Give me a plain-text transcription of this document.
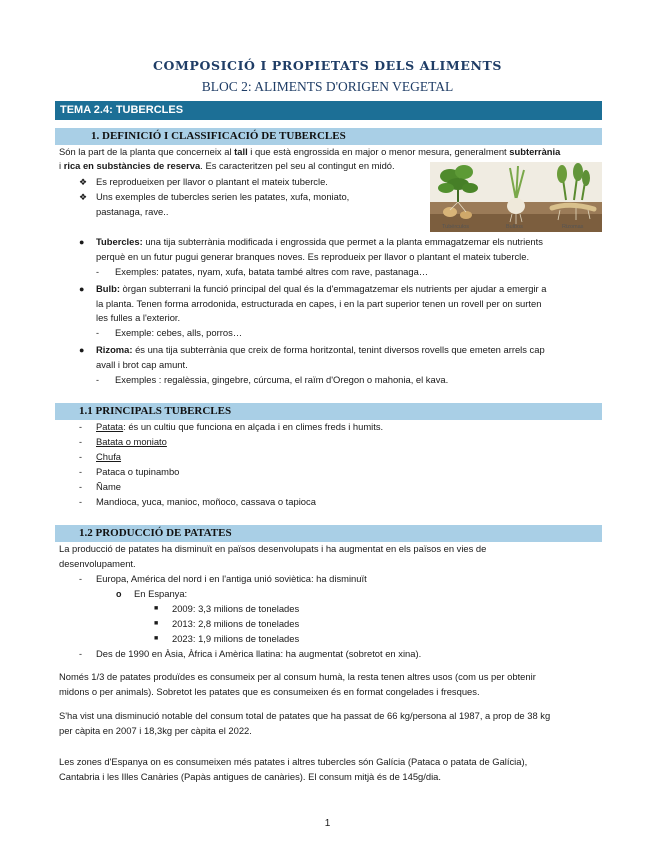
COMPOSICIÓ I PROPIETATS DELS ALIMENTS
BLOC 2: ALIMENTS D'ORIGEN VEGETAL
TEMA 2.4: TUBERCLES
1. DEFINICIÓ I CLASSIFICACIÓ DE TUBERCLES
Són la part de la planta que concerneix al tall i que està engrossida en major o menor mesura, generalment subterrània
i rica en substàncies de reserva. Es caracteritzen pel seu al contingut en midó.
❖ Es reprodueixen per llavor o plantant el mateix tubercle.
❖ Uns exemples de tubercles serien les patates, xufa, moniato,
pastanaga, rave..
Tubérculos	Bulbos	Rizomas
● Tubercles: una tija subterrània modificada i engrossida que permet a la planta emmagatzemar els nutrients
perquè en un futur pugui generar branques noves. Es reprodueix per llavor o plantant el mateix tubercle.
- Exemples: patates, nyam, xufa, batata també altres com rave, pastanaga…
● Bulb: òrgan subterrani la funció principal del qual és la d'emmagatzemar els nutrients per ajudar a emergir a
la planta. Tenen forma arrodonida, estructurada en capes, i en la part superior tenen un rovell per on surten
les fulles a l'exterior.
- Exemple: cebes, alls, porros…
● Rizoma: és una tija subterrània que creix de forma horitzontal, tenint diversos rovells que emeten arrels cap
avall i brot cap amunt.
- Exemples : regalèssia, gingebre, cúrcuma, el raïm d'Oregon o mahonia, el kava.
1.1 PRINCIPALS TUBERCLES
- Patata: és un cultiu que funciona en alçada i en climes freds i humits.
- Batata o moniato
- Chufa
- Pataca o tupinambo
- Ñame
- Mandioca, yuca, manioc, moñoco, cassava o tapioca
1.2 PRODUCCIÓ DE PATATES
La producció de patates ha disminuït en països desenvolupats i ha augmentat en els països en vies de
desenvolupament.
- Europa, América del nord i en l'antiga unió soviètica: ha disminuït
o En Espanya:
■ 2009: 3,3 milions de tonelades
■ 2013: 2,8 milions de tonelades
■ 2023: 1,9 milions de tonelades
- Des de 1990 en Àsia, Àfrica i Amèrica llatina: ha augmentat (sobretot en xina).
Només 1/3 de patates produïdes es consumeix per al consum humà, la resta tenen altres usos (com us per obtenir
midons o per animals). Sobretot les patates que es consumeixen és en format congelades i fresques.
S'ha vist una disminució notable del consum total de patates que ha passat de 66 kg/persona al 1987, a prop de 38 kg
per càpita en 2007 i 18,3kg per càpita el 2022.
Les zones d'Espanya on es consumeixen més patates i altres tubercles són Galícia (Pataca o patata de Galícia),
Cantabria i les Illes Canàries (Papàs antigues de canàries). El consum mitjà és de 145g/dia.
1
